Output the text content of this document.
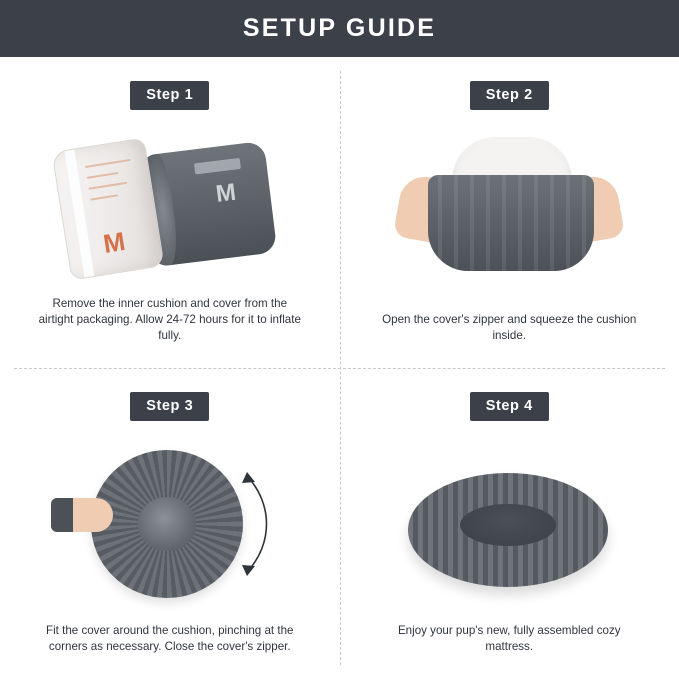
SETUP GUIDE
Step 1
M
M
Remove the inner cushion and cover from the airtight packaging. Allow 24-72 hours for it to inflate fully.
Step 2
Open the cover's zipper and squeeze the cushion inside.
Step 3
Fit the cover around the cushion, pinching at the corners as necessary. Close the cover's zipper.
Step 4
Enjoy your pup's new, fully assembled cozy mattress.
